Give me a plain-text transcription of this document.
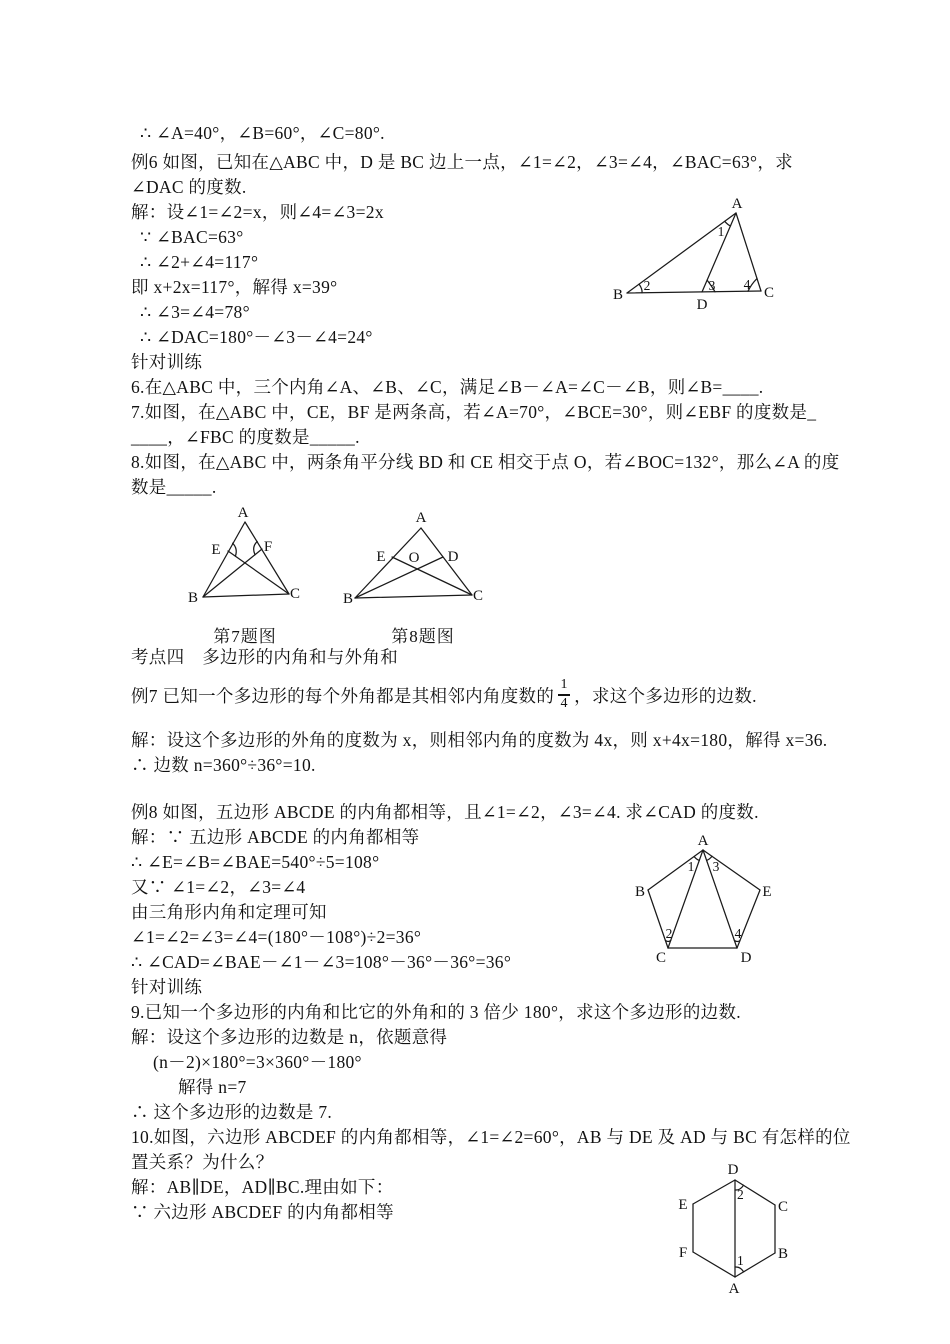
∴ ∠A=40°，∠B=60°，∠C=80°.
例6 如图，已知在△ABC 中，D 是 BC 边上一点，∠1=∠2，∠3=∠4，∠BAC=63°，求
∠DAC 的度数.
解：设∠1=∠2=x，则∠4=∠3=2x
∵ ∠BAC=63°
∴ ∠2+∠4=117°
即 x+2x=117°，解得 x=39°
∴ ∠3=∠4=78°
∴ ∠DAC=180°－∠3－∠4=24°
针对训练
6.在△ABC 中，三个内角∠A、∠B、∠C，满足∠B－∠A=∠C－∠B，则∠B=____.
7.如图，在△ABC 中，CE，BF 是两条高，若∠A=70°，∠BCE=30°，则∠EBF 的度数是_
____，∠FBC 的度数是_____.
8.如图，在△ABC 中，两条角平分线 BD 和 CE 相交于点 O，若∠BOC=132°，那么∠A 的度
数是_____.
考点四　多边形的内角和与外角和
例7 已知一个多边形的每个外角都是其相邻内角度数的 $\frac{1}{4}$ ，求这个多边形的边数.
解：设这个多边形的外角的度数为 x，则相邻内角的度数为 4x，则 x+4x=180，解得 x=36.
∴ 边数 n=360°÷36°=10.
例8 如图，五边形 ABCDE 的内角都相等，且∠1=∠2，∠3=∠4. 求∠CAD 的度数.
解：∵ 五边形 ABCDE 的内角都相等
∴ ∠E=∠B=∠BAE=540°÷5=108°
又∵ ∠1=∠2，∠3=∠4
由三角形内角和定理可知
∠1=∠2=∠3=∠4=(180°－108°)÷2=36°
∴ ∠CAD=∠BAE－∠1－∠3=108°－36°－36°=36°
针对训练
9.已知一个多边形的内角和比它的外角和的 3 倍少 180°，求这个多边形的边数.
解：设这个多边形的边数是 n，依题意得
(n－2)×180°=3×360°－180°
解得 n=7
∴ 这个多边形的边数是 7.
10.如图，六边形 ABCDEF 的内角都相等，∠1=∠2=60°，AB 与 DE 及 AD 与 BC 有怎样的位
置关系？为什么？
解：AB∥DE，AD∥BC.理由如下：
∵ 六边形 ABCDEF 的内角都相等
A
B	C
D
1
2	3 4
A
E	F
B	C
A
E O D
B	C
第7题图	第8题图
A
B	E
C	D
1 3
2	4
D
E	C
F	B
A
2
1
